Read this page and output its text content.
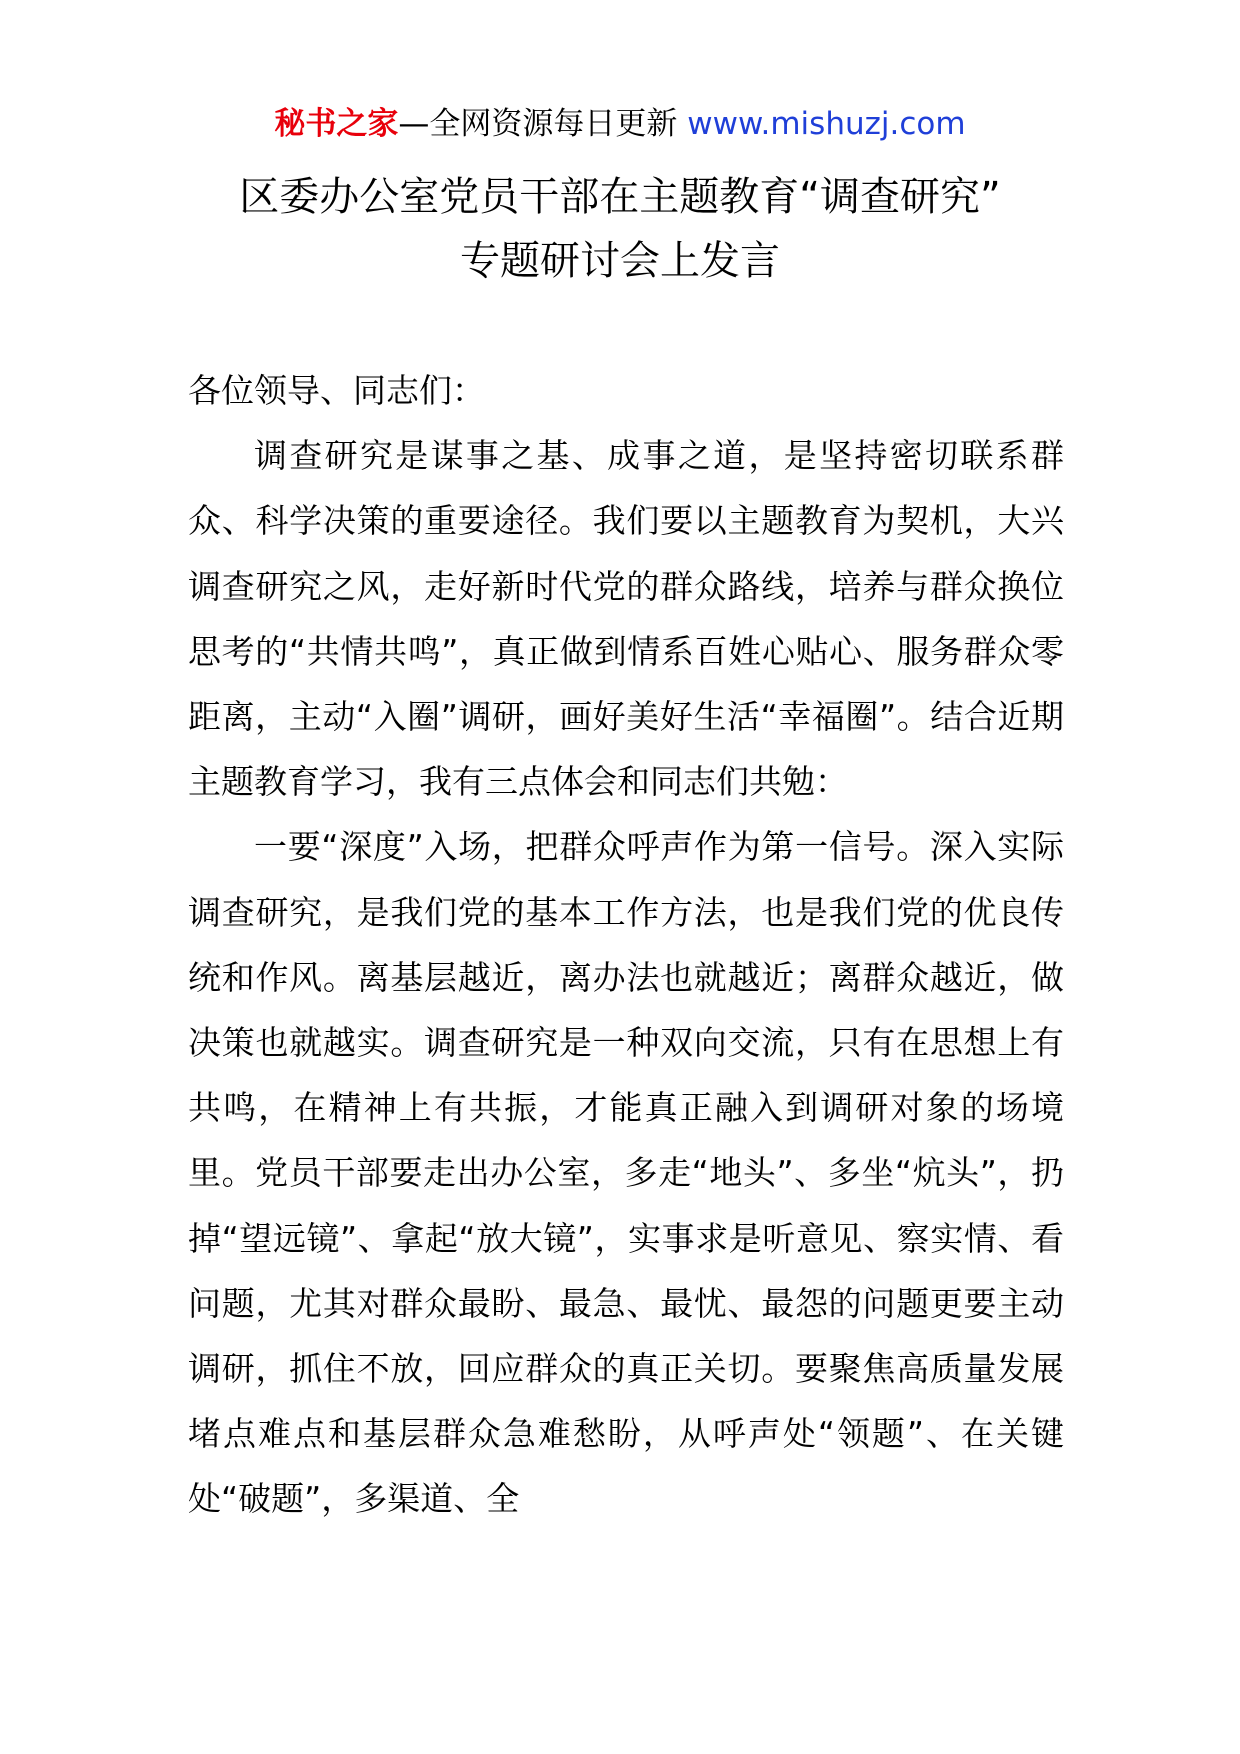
秘书之家—全网资源每日更新 www.mishuzj.com
区委办公室党员干部在主题教育“调查研究”
专题研讨会上发言

各位领导、同志们：

调查研究是谋事之基、成事之道，是坚持密切联系群众、科学决策的重要途径。我们要以主题教育为契机，大兴调查研究之风，走好新时代党的群众路线，培养与群众换位思考的“共情共鸣”，真正做到情系百姓心贴心、服务群众零距离，主动“入圈”调研，画好美好生活“幸福圈”。结合近期主题教育学习，我有三点体会和同志们共勉：

一要“深度”入场，把群众呼声作为第一信号。深入实际调查研究，是我们党的基本工作方法，也是我们党的优良传统和作风。离基层越近，离办法也就越近；离群众越近，做决策也就越实。调查研究是一种双向交流，只有在思想上有共鸣，在精神上有共振，才能真正融入到调研对象的场境里。党员干部要走出办公室，多走“地头”、多坐“炕头”，扔掉“望远镜”、拿起“放大镜”，实事求是听意见、察实情、看问题，尤其对群众最盼、最急、最忧、最怨的问题更要主动调研，抓住不放，回应群众的真正关切。要聚焦高质量发展堵点难点和基层群众急难愁盼，从呼声处“领题”、在关键处“破题”，多渠道、全
